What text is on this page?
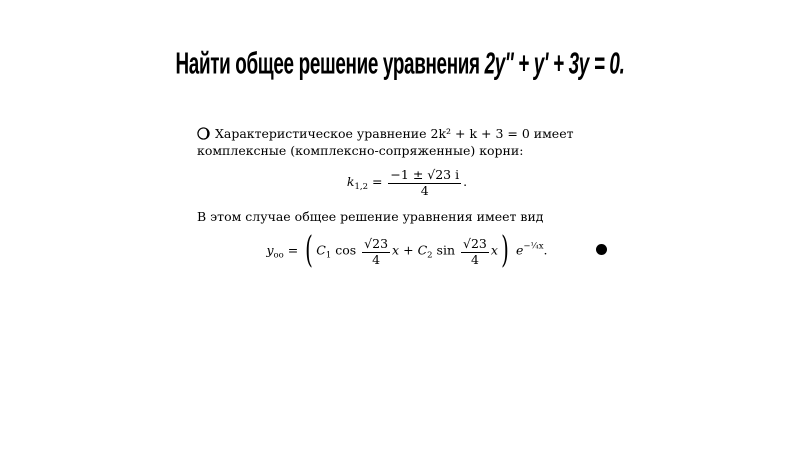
Найти общее решение уравнения 2y'' + y' + 3y = 0.

Характеристическое уравнение 2k² + k + 3 = 0 имеет комплексные (комплексно-сопряженные) корни:

$k_{1,2} = \frac{-1 \pm √23 i}{4}$ .

В этом случае общее решение уравнения имеет вид

$y_{оо}$ = ( $C_1$ $\cos \frac{√23}{4}$ $x + C_2$ $\sin \frac{√23}{4} x$) $e^{-\frac{1}{4}x}$.
